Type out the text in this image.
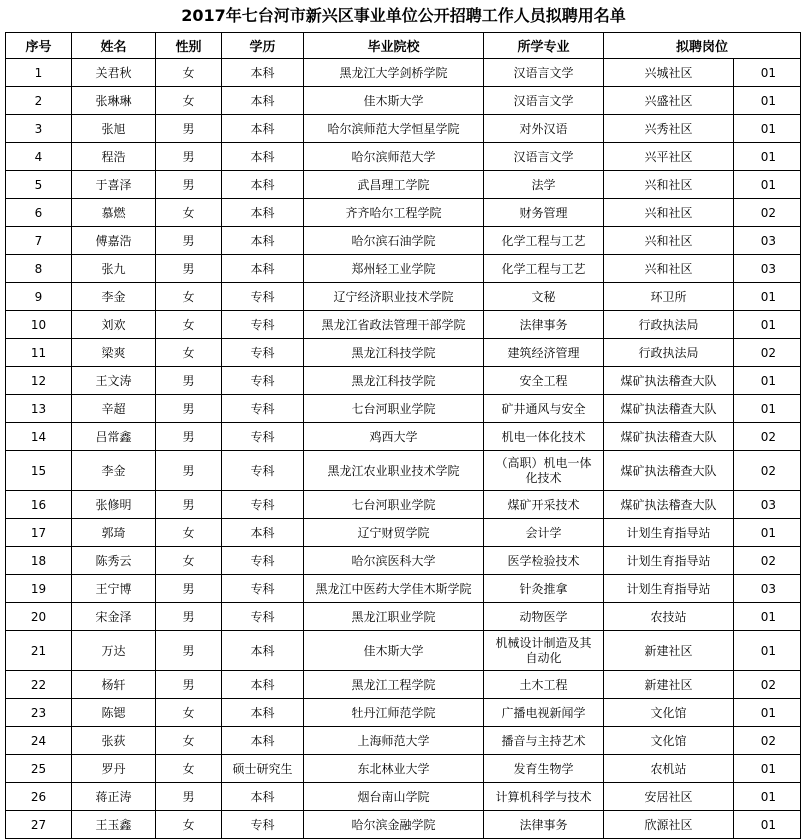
2017年七台河市新兴区事业单位公开招聘工作人员拟聘用名单
序号	姓名	性别	学历	毕业院校	所学专业	拟聘岗位	
1	关君秋	女	本科	黑龙江大学剑桥学院	汉语言文学	兴城社区	01
2	张琳琳	女	本科	佳木斯大学	汉语言文学	兴盛社区	01
3	张旭	男	本科	哈尔滨师范大学恒星学院	对外汉语	兴秀社区	01
4	程浩	男	本科	哈尔滨师范大学	汉语言文学	兴平社区	01
5	于喜泽	男	本科	武昌理工学院	法学	兴和社区	01
6	慕燃	女	本科	齐齐哈尔工程学院	财务管理	兴和社区	02
7	傅嘉浩	男	本科	哈尔滨石油学院	化学工程与工艺	兴和社区	03
8	张九	男	本科	郑州轻工业学院	化学工程与工艺	兴和社区	03
9	李金	女	专科	辽宁经济职业技术学院	文秘	环卫所	01
10	刘欢	女	专科	黑龙江省政法管理干部学院	法律事务	行政执法局	01
11	梁爽	女	专科	黑龙江科技学院	建筑经济管理	行政执法局	02
12	王文涛	男	专科	黑龙江科技学院	安全工程	煤矿执法稽查大队	01
13	辛超	男	专科	七台河职业学院	矿井通风与安全	煤矿执法稽查大队	01
14	吕常鑫	男	专科	鸡西大学	机电一体化技术	煤矿执法稽查大队	02
15	李金	男	专科	黑龙江农业职业技术学院	（高职）机电一体化技术	煤矿执法稽查大队	02
16	张修明	男	专科	七台河职业学院	煤矿开采技术	煤矿执法稽查大队	03
17	郭琦	女	本科	辽宁财贸学院	会计学	计划生育指导站	01
18	陈秀云	女	专科	哈尔滨医科大学	医学检验技术	计划生育指导站	02
19	王宁博	男	专科	黑龙江中医药大学佳木斯学院	针灸推拿	计划生育指导站	03
20	宋金泽	男	专科	黑龙江职业学院	动物医学	农技站	01
21	万达	男	本科	佳木斯大学	机械设计制造及其自动化	新建社区	01
22	杨轩	男	本科	黑龙江工程学院	土木工程	新建社区	02
23	陈锶	女	本科	牡丹江师范学院	广播电视新闻学	文化馆	01
24	张荻	女	本科	上海师范大学	播音与主持艺术	文化馆	02
25	罗丹	女	硕士研究生	东北林业大学	发育生物学	农机站	01
26	蒋正涛	男	本科	烟台南山学院	计算机科学与技术	安居社区	01
27	王玉鑫	女	专科	哈尔滨金融学院	法律事务	欣源社区	01
